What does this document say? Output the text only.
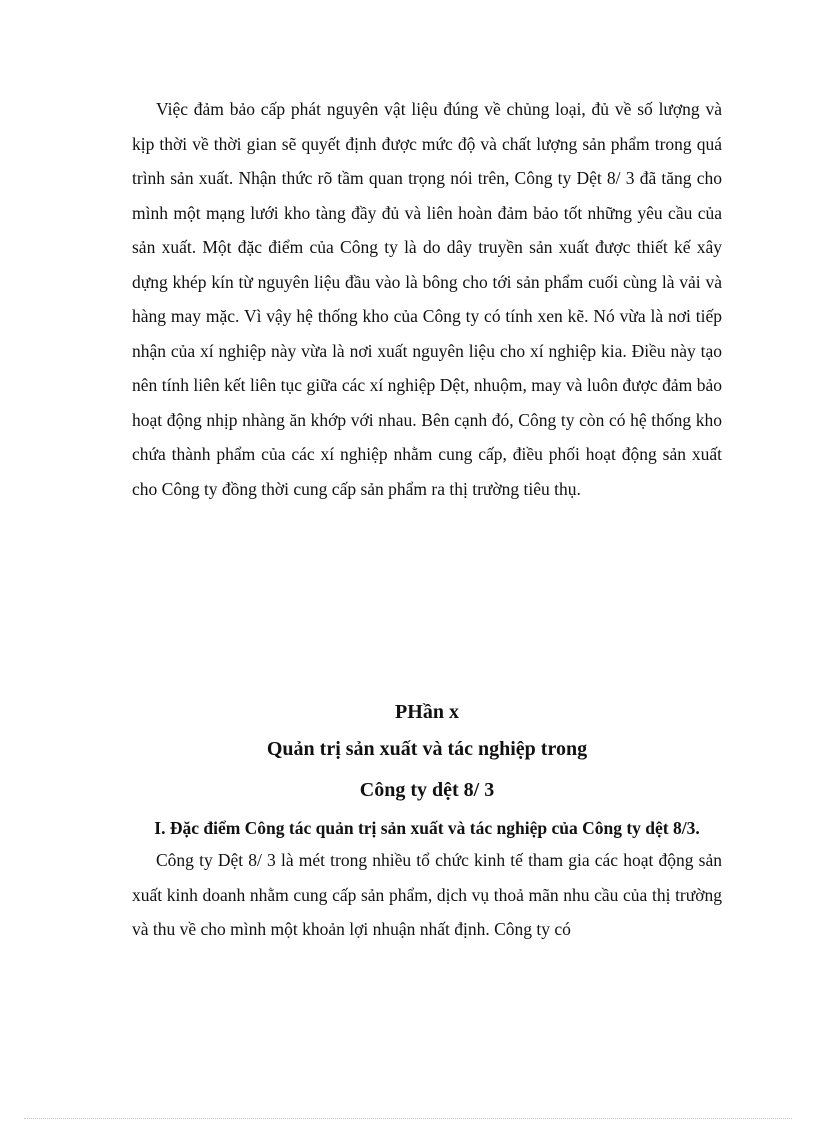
Việc đảm bảo cấp phát nguyên vật liệu đúng về chủng loại, đủ về số lượng và kịp thời về thời gian sẽ quyết định được mức độ và chất lượng sản phẩm trong quá trình sản xuất. Nhận thức rõ tầm quan trọng nói trên, Công ty Dệt 8/ 3 đã tăng cho mình một mạng lưới kho tàng đầy đủ và liên hoàn đảm bảo tốt những yêu cầu của sản xuất. Một đặc điểm của Công ty là do dây truyền sản xuất được thiết kế xây dựng khép kín từ nguyên liệu đầu vào là bông cho tới sản phẩm cuối cùng là vải và hàng may mặc. Vì vậy hệ thống kho của Công ty có tính xen kẽ. Nó vừa là nơi tiếp nhận của xí nghiệp này vừa là nơi xuất nguyên liệu cho xí nghiệp kia. Điều này tạo nên tính liên kết liên tục giữa các xí nghiệp Dệt, nhuộm, may và luôn được đảm bảo hoạt động nhịp nhàng ăn khớp với nhau. Bên cạnh đó, Công ty còn có hệ thống kho chứa thành phẩm của các xí nghiệp nhằm cung cấp, điều phối hoạt động sản xuất cho Công ty đồng thời cung cấp sản phẩm ra thị trường tiêu thụ.

PHần x
Quản trị sản xuất và tác nghiệp trong
Công ty dệt 8/ 3
I. Đặc điểm Công tác quản trị sản xuất và tác nghiệp của Công ty dệt 8/3.

Công ty Dệt 8/ 3 là mét trong nhiều tổ chức kinh tế tham gia các hoạt động sản xuất kinh doanh nhằm cung cấp sản phẩm, dịch vụ thoả mãn nhu cầu của thị trường và thu về cho mình một khoản lợi nhuận nhất định. Công ty có
